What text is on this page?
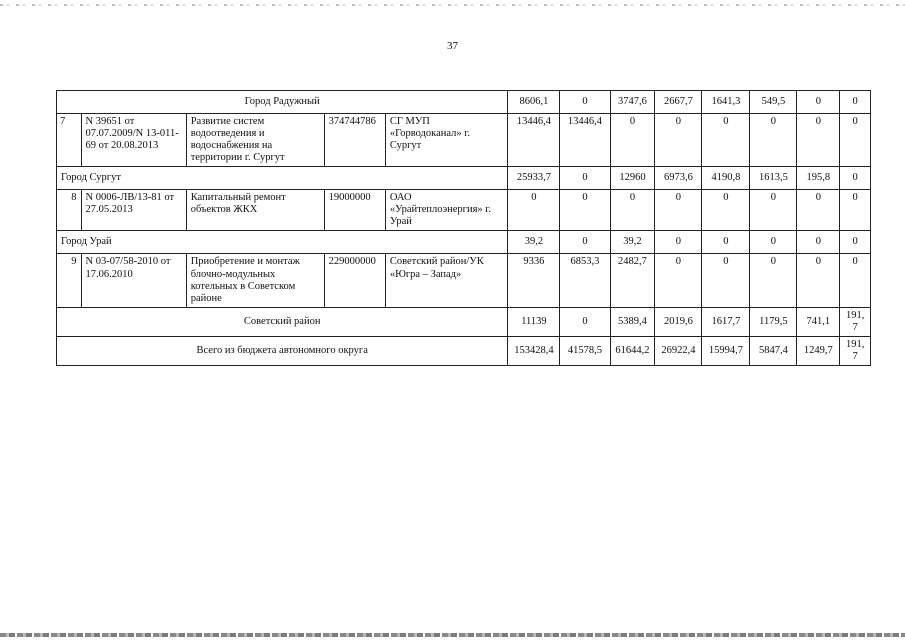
37
Город Радужный					8606,1	0	3747,6	2667,7	1641,3	549,5	0	0
7	N 39651 от 07.07.2009/N 13-011-69 от 20.08.2013	Развитие систем водоотведения и водоснабжения на территории г. Сургут	374744786	СГ МУП «Горводоканал» г. Сургут	13446,4	13446,4	0	0	0	0	0	0
Город Сургут					25933,7	0	12960	6973,6	4190,8	1613,5	195,8	0
8	N 0006-ЛВ/13-81 от 27.05.2013	Капитальный ремонт объектов ЖКХ	19000000	ОАО «Урайтеплоэнергия» г. Урай	0	0	0	0	0	0	0	0
Город Урай					39,2	0	39,2	0	0	0	0	0
9	N 03-07/58-2010 от 17.06.2010	Приобретение и монтаж блочно-модульных котельных в Советском районе	229000000	Советский район/УК «Югра – Запад»	9336	6853,3	2482,7	0	0	0	0	0
Советский район					11139	0	5389,4	2019,6	1617,7	1179,5	741,1	191,7
Всего из бюджета автономного округа					153428,4	41578,5	61644,2	26922,4	15994,7	5847,4	1249,7	191,7
